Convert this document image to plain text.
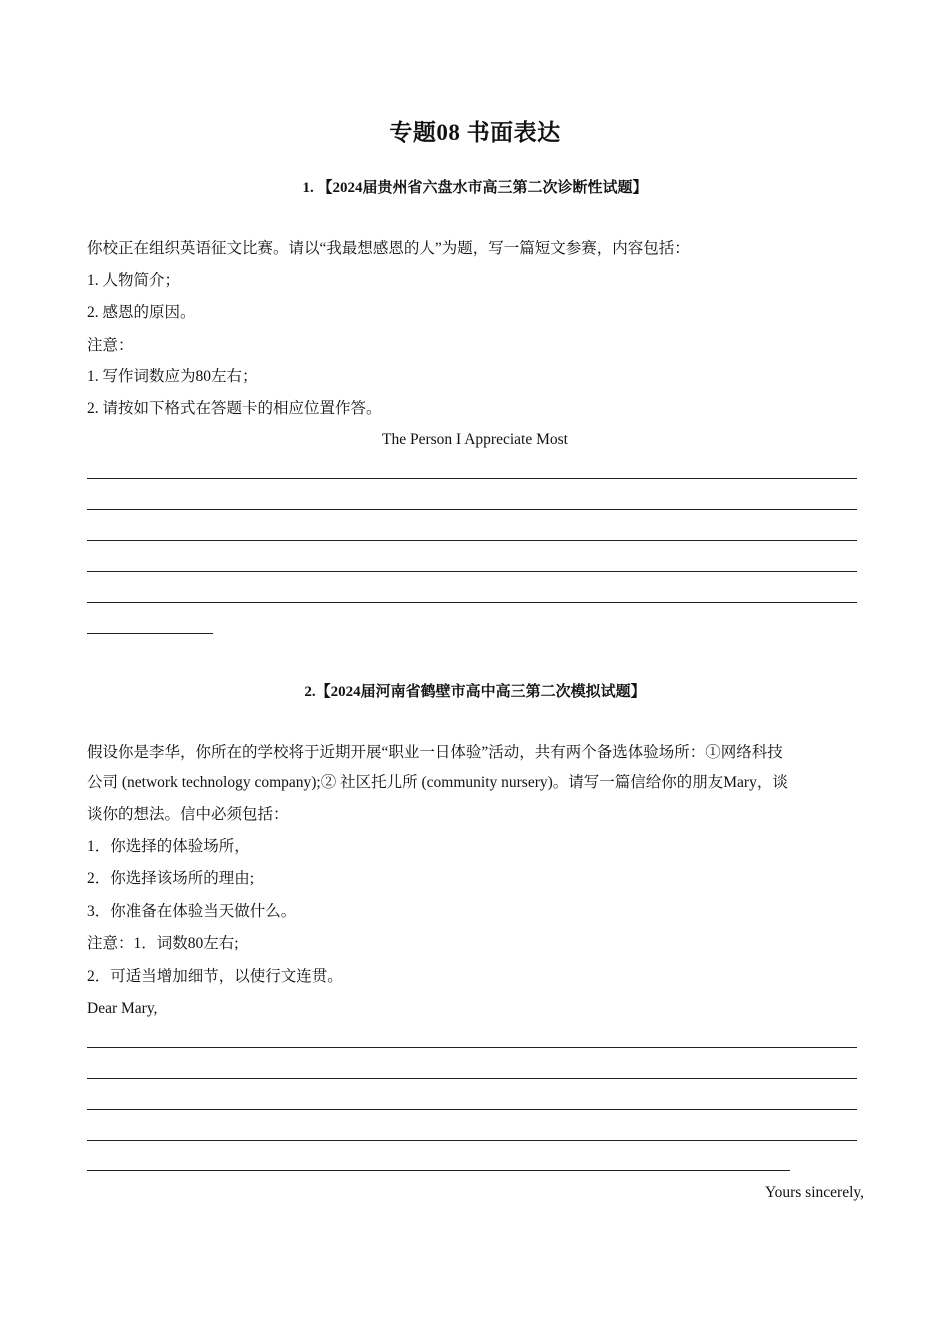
专题08 书面表达
1. 【2024届贵州省六盘水市高三第二次诊断性试题】
你校正在组织英语征文比赛。请以“我最想感恩的人”为题，写一篇短文参赛，内容包括：
1. 人物简介；
2. 感恩的原因。
注意：
1. 写作词数应为80左右；
2. 请按如下格式在答题卡的相应位置作答。
The Person I Appreciate Most
2.【2024届河南省鹤壁市高中高三第二次模拟试题】
假设你是李华，你所在的学校将于近期开展“职业一日体验”活动，共有两个备选体验场所：①网络科技
公司 (network technology company);② 社区托儿所 (community nursery)。请写一篇信给你的朋友Mary，谈
谈你的想法。信中必须包括：
1．你选择的体验场所，
2．你选择该场所的理由;
3．你准备在体验当天做什么。
注意：1．词数80左右;
2．可适当增加细节，以使行文连贯。
Dear Mary,
Yours sincerely,
